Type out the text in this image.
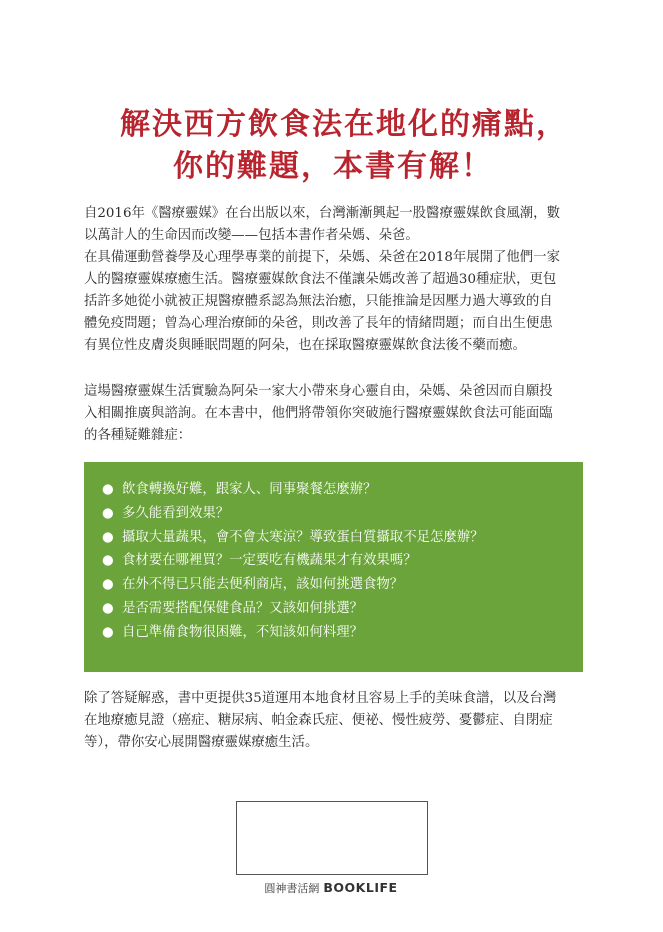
解決西方飲食法在地化的痛點，
你的難題，本書有解！

自2016年《醫療靈媒》在台出版以來，台灣漸漸興起一股醫療靈媒飲食風潮，數
以萬計人的生命因而改變——包括本書作者朵媽、朵爸。
在具備運動營養學及心理學專業的前提下，朵媽、朵爸在2018年展開了他們一家
人的醫療靈媒療癒生活。醫療靈媒飲食法不僅讓朵媽改善了超過30種症狀，更包
括許多她從小就被正規醫療體系認為無法治癒，只能推論是因壓力過大導致的自
體免疫問題；曾為心理治療師的朵爸，則改善了長年的情緒問題；而自出生便患
有異位性皮膚炎與睡眠問題的阿朵，也在採取醫療靈媒飲食法後不藥而癒。

這場醫療靈媒生活實驗為阿朵一家大小帶來身心靈自由，朵媽、朵爸因而自願投
入相關推廣與諮詢。在本書中，他們將帶領你突破施行醫療靈媒飲食法可能面臨
的各種疑難雜症：

● 飲食轉換好難，跟家人、同事聚餐怎麼辦？
● 多久能看到效果？
● 攝取大量蔬果，會不會太寒涼？導致蛋白質攝取不足怎麼辦？
● 食材要在哪裡買？一定要吃有機蔬果才有效果嗎？
● 在外不得已只能去便利商店，該如何挑選食物？
● 是否需要搭配保健食品？又該如何挑選？
● 自己準備食物很困難，不知該如何料理？

除了答疑解惑，書中更提供35道運用本地食材且容易上手的美味食譜，以及台灣
在地療癒見證（癌症、糖尿病、帕金森氏症、便祕、慢性疲勞、憂鬱症、自閉症
等），帶你安心展開醫療靈媒療癒生活。

圓神書活網 BOOKLIFE
